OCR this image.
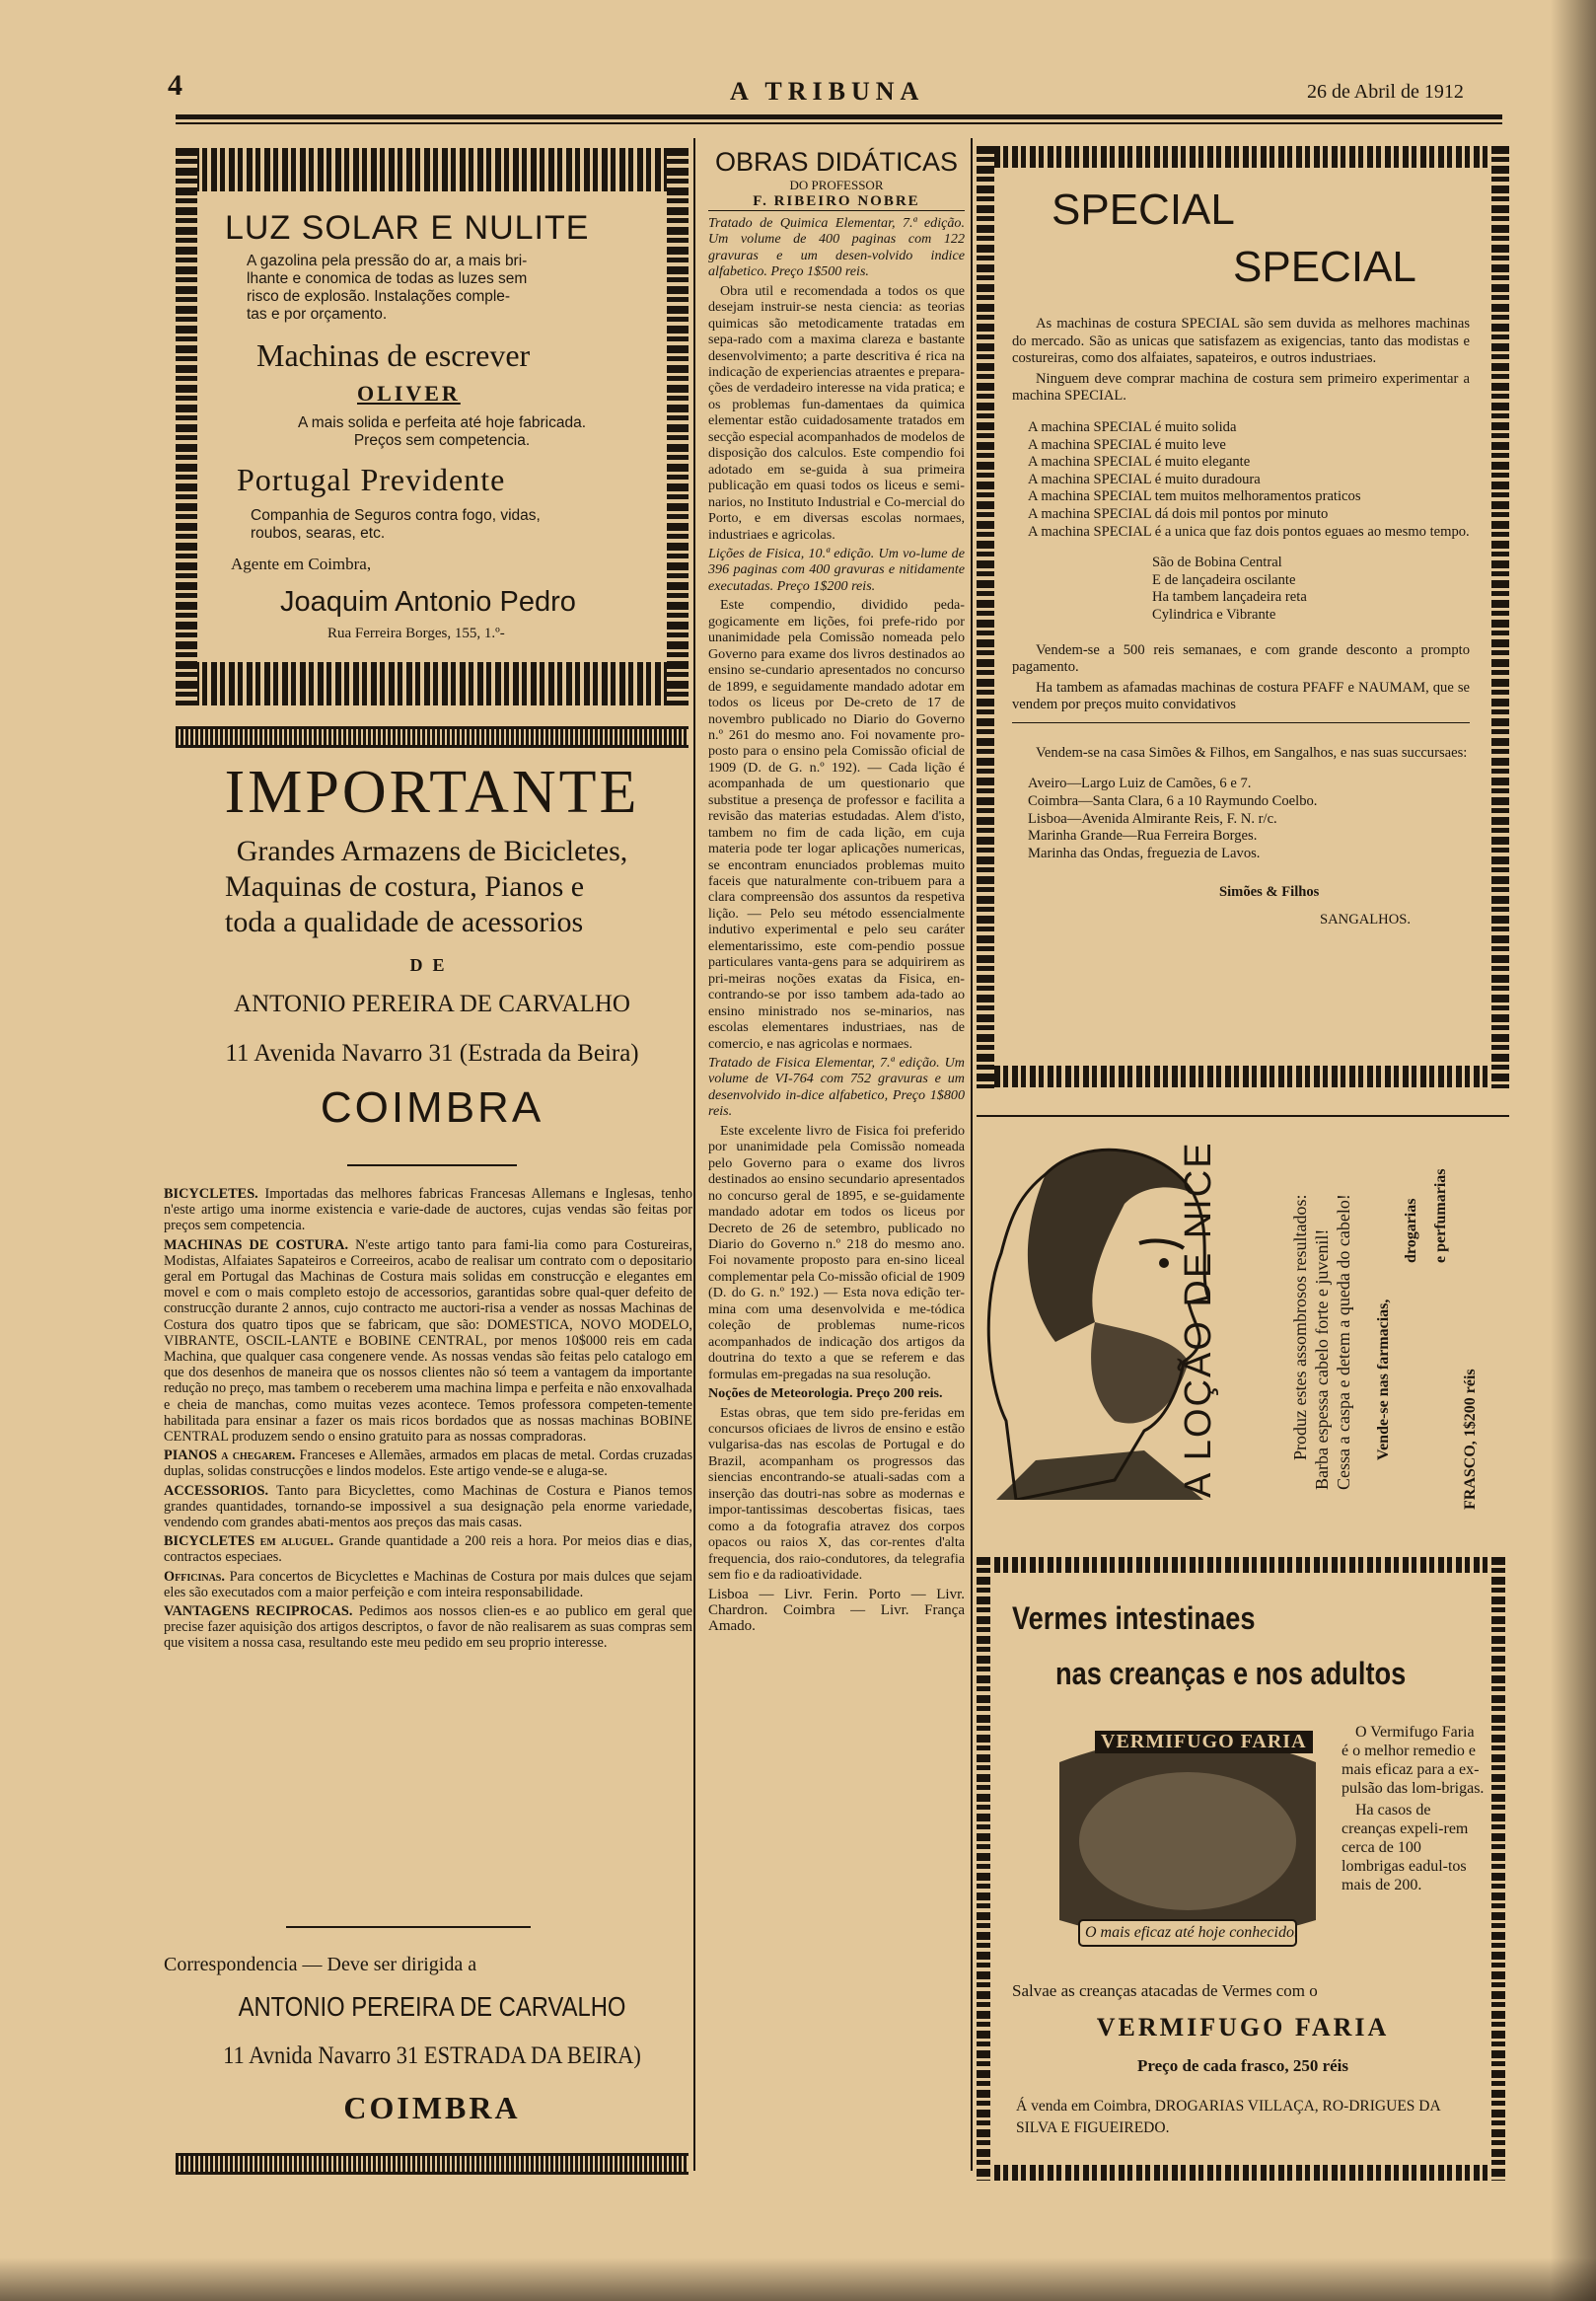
4	A TRIBUNA	26 de Abril de 1912
LUZ SOLAR E NULITE
A gazolina pela pressão do ar, a mais bri-
lhante e conomica de todas as luzes sem
risco de explosão. Instalações comple-
tas e por orçamento.
Machinas de escrever
OLIVER
A mais solida e perfeita até hoje fabricada.
Preços sem competencia.
Portugal Previdente
Companhia de Seguros contra fogo, vidas,
roubos, searas, etc.
Agente em Coimbra,
Joaquim Antonio Pedro
Rua Ferreira Borges, 155, 1.º-
IMPORTANTE
Grandes Armazens de Bicicletes,
Maquinas de costura, Pianos e
toda a qualidade de acessorios
DE
ANTONIO PEREIRA DE CARVALHO
11 Avenida Navarro 31 (Estrada da Beira)
COIMBRA

BICYCLETES. Importadas das melhores fabricas Francesas Allemans e Inglesas, tenho n'este artigo uma inorme existencia e varie-dade de auctores, cujas vendas são feitas por preços sem competencia.

MACHINAS DE COSTURA. N'este artigo tanto para fami-lia como para Costureiras, Modistas, Alfaiates Sapateiros e Correeiros, acabo de realisar um contrato com o depositario geral em Portugal das Machinas de Costura mais solidas em construcção e elegantes em movel e com o mais completo estojo de accessorios, garantidas sobre qual-quer defeito de construcção durante 2 annos, cujo contracto me auctori-risa a vender as nossas Machinas de Costura dos quatro tipos que se fabricam, que são: DOMESTICA, NOVO MODELO, VIBRANTE, OSCIL-LANTE e BOBINE CENTRAL, por menos 10$000 reis em cada Machina, que qualquer casa congenere vende. As nossas vendas são feitas pelo catalogo em que dos desenhos de maneira que os nossos clientes não só teem a vantagem da importante redução no preço, mas tambem o receberem uma machina limpa e perfeita e não enxovalhada e cheia de manchas, como muitas vezes acontece. Temos professora competen-temente habilitada para ensinar a fazer os mais ricos bordados que as nossas machinas BOBINE CENTRAL produzem sendo o ensino gratuito para as nossas compradoras.

PIANOS a chegarem. Franceses e Allemães, armados em placas de metal. Cordas cruzadas duplas, solidas construcções e lindos modelos. Este artigo vende-se e aluga-se.

ACCESSORIOS. Tanto para Bicyclettes, como Machinas de Costura e Pianos temos grandes quantidades, tornando-se impossivel a sua designação pela enorme variedade, vendendo com grandes abati-mentos aos preços das mais casas.

BICYCLETES em aluguel. Grande quantidade a 200 reis a hora. Por meios dias e dias, contractos especiaes.

Officinas. Para concertos de Bicyclettes e Machinas de Costura por mais dulces que sejam eles são executados com a maior perfeição e com inteira responsabilidade.

VANTAGENS RECIPROCAS. Pedimos aos nossos clien-es e ao publico em geral que precise fazer aquisição dos artigos descriptos, o favor de não realisarem as suas compras sem que visitem a nossa casa, resultando este meu pedido em seu proprio interesse.

Correspondencia — Deve ser dirigida a
ANTONIO PEREIRA DE CARVALHO
11 Avnida Navarro 31 ESTRADA DA BEIRA)
COIMBRA
OBRAS DIDÁTICAS
DO PROFESSOR
F. RIBEIRO NOBRE

Tratado de Quimica Elementar, 7.ª edição. Um volume de 400 paginas com 122 gravuras e um desen-volvido indice alfabetico. Preço 1$500 reis.

Obra util e recomendada a todos os que desejam instruir-se nesta ciencia: as teorias quimicas são metodicamente tratadas em sepa-rado com a maxima clareza e bastante desenvolvimento; a parte descritiva é rica na indicação de experiencias atraentes e prepara-ções de verdadeiro interesse na vida pratica; e os problemas fun-damentaes da quimica elementar estão cuidadosamente tratados em secção especial acompanhados de modelos de disposição dos calculos. Este compendio foi adotado em se-guida à sua primeira publicação em quasi todos os liceus e semi-narios, no Instituto Industrial e Co-mercial do Porto, e em diversas escolas normaes, industriaes e agricolas.

Lições de Fisica, 10.ª edição. Um vo-lume de 396 paginas com 400 gravuras e nitidamente executadas. Preço 1$200 reis.

Este compendio, dividido peda-gogicamente em lições, foi prefe-rido por unanimidade pela Comissão nomeada pelo Governo para exame dos livros destinados ao ensino se-cundario apresentados no concurso de 1899, e seguidamente mandado adotar em todos os liceus por De-creto de 17 de novembro publicado no Diario do Governo n.º 261 do mesmo ano. Foi novamente pro-posto para o ensino pela Comissão oficial de 1909 (D. de G. n.º 192). — Cada lição é acompanhada de um questionario que substitue a presença de professor e facilita a revisão das materias estudadas. Alem d'isto, tambem no fim de cada lição, em cuja materia pode ter logar aplicações numericas, se encontram enunciados problemas muito faceis que naturalmente con-tribuem para a clara compreensão dos assuntos da respetiva lição. — Pelo seu método essencialmente indutivo experimental e pelo seu caráter elementarissimo, este com-pendio possue particulares vanta-gens para se adquirirem as pri-meiras noções exatas da Fisica, en-contrando-se por isso tambem ada-tado ao ensino ministrado nos se-minarios, nas escolas elementares industriaes, nas de comercio, e nas agricolas e normaes.

Tratado de Fisica Elementar, 7.ª edição. Um volume de VI-764 com 752 gravuras e um desenvolvido in-dice alfabetico, Preço 1$800 reis.

Este excelente livro de Fisica foi preferido por unanimidade pela Comissão nomeada pelo Governo para o exame dos livros destinados ao ensino secundario apresentados no concurso geral de 1895, e se-guidamente mandado adotar em todos os liceus por Decreto de 26 de setembro, publicado no Diario do Governo n.º 218 do mesmo ano. Foi novamente proposto para en-sino liceal complementar pela Co-missão oficial de 1909 (D. do G. n.º 192.) — Esta nova edição ter-mina com uma desenvolvida e me-tódica coleção de problemas nume-ricos acompanhados de indicação dos artigos da doutrina do texto a que se referem e das formulas em-pregadas na sua resolução.

Noções de Meteorologia. Preço 200 reis.

Estas obras, que tem sido pre-feridas em concursos oficiaes de livros de ensino e estão vulgarisa-das nas escolas de Portugal e do Brazil, acompanham os progressos das siencias encontrando-se atuali-sadas com a inserção das doutri-nas sobre as modernas e impor-tantissimas descobertas fisicas, taes como a da fotografia atravez dos corpos opacos ou raios X, das cor-rentes d'alta frequencia, dos raio-condutores, da telegrafia sem fio e da radioatividade.

Lisboa — Livr. Ferin. Porto — Livr. Chardron. Coimbra — Livr. França Amado.

SPECIAL
SPECIAL

As machinas de costura SPECIAL são sem duvida as melhores machinas do mercado. São as unicas que satisfazem as exigencias, tanto das modistas e costureiras, como dos alfaiates, sapateiros, e outros industriaes.

Ninguem deve comprar machina de costura sem primeiro experimentar a machina SPECIAL.

A machina SPECIAL é muito solida
A machina SPECIAL é muito leve
A machina SPECIAL é muito elegante
A machina SPECIAL é muito duradoura
A machina SPECIAL tem muitos melhoramentos praticos
A machina SPECIAL dá dois mil pontos por minuto
A machina SPECIAL é a unica que faz dois pontos eguaes ao mesmo tempo.
São de Bobina Central
E de lançadeira oscilante
Ha tambem lançadeira reta
Cylindrica e Vibrante

Vendem-se a 500 reis semanaes, e com grande desconto a prompto pagamento.

Ha tambem as afamadas machinas de costura PFAFF e NAUMAM, que se vendem por preços muito convidativos

Vendem-se na casa Simões & Filhos, em Sangalhos, e nas suas succursaes:

Aveiro—Largo Luiz de Camões, 6 e 7.
Coimbra—Santa Clara, 6 a 10 Raymundo Coelbo.
Lisboa—Avenida Almirante Reis, F. N. r/c.
Marinha Grande—Rua Ferreira Borges.
Marinha das Ondas, freguezia de Lavos.
Simões & Filhos
SANGALHOS.
A LOÇÃO DE NICE	Produz estes assombrosos resultados: Barba espessa cabelo forte e juvenil! Cessa a caspa e detem a queda do cabelo! Vende-se nas farmacias,
drogarias e perfumarias
FRASCO, 1$200 réis
Vermes intestinaes
nas creanças e nos adultos
VERMIFUGO FARIA
O mais eficaz até hoje conhecido.

O Vermifugo Faria é o melhor remedio e mais eficaz para a ex-pulsão das lom-brigas.

Ha casos de creanças expeli-rem cerca de 100 lombrigas eadul-tos mais de 200.

Salvae as creanças atacadas de Vermes com o
VERMIFUGO FARIA
Preço de cada frasco, 250 réis
Á venda em Coimbra, DROGARIAS VILLAÇA, RO-DRIGUES DA SILVA E FIGUEIREDO.
